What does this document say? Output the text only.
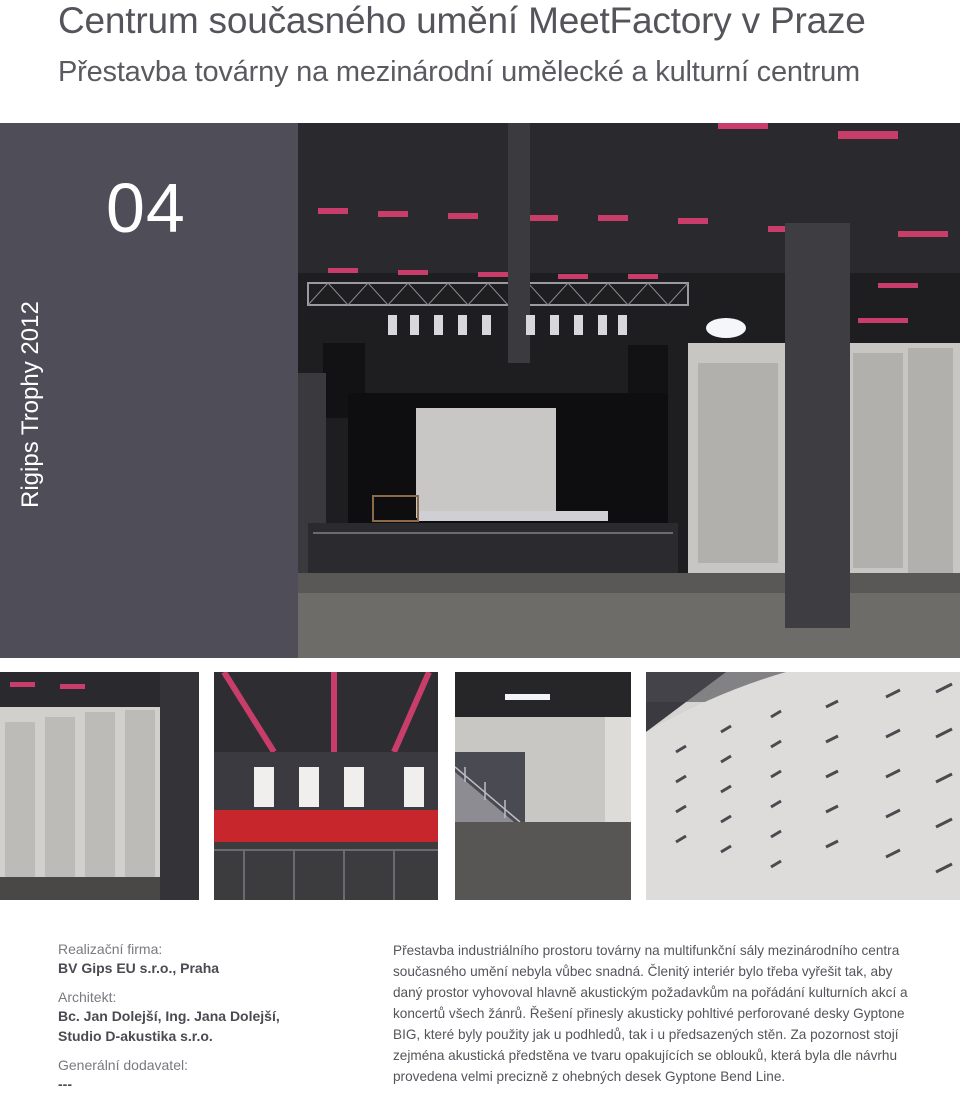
Centrum současného umění MeetFactory v Praze
Přestavba továrny na mezinárodní umělecké a kulturní centrum
04
Rigips Trophy 2012
Realizační firma:
BV Gips EU s.r.o., Praha
Architekt:
Bc. Jan Dolejší, Ing. Jana Dolejší,
Studio D-akustika s.r.o.
Generální dodavatel:
---
Přestavba industriálního prostoru továrny na multifunkční sály mezinárodního centra současného umění nebyla vůbec snadná. Členitý interiér bylo třeba vyřešit tak, aby daný prostor vyhovoval hlavně akustickým požadavkům na pořádání kulturních akcí a koncertů všech žánrů. Řešení přinesly akusticky pohltivé perforované desky Gyptone BIG, které byly použity jak u podhledů, tak i u předsazených stěn. Za pozornost stojí zejména akustická předstěna ve tvaru opakujících se oblouků, která byla dle návrhu provedena velmi precizně z ohebných desek Gyptone Bend Line.
